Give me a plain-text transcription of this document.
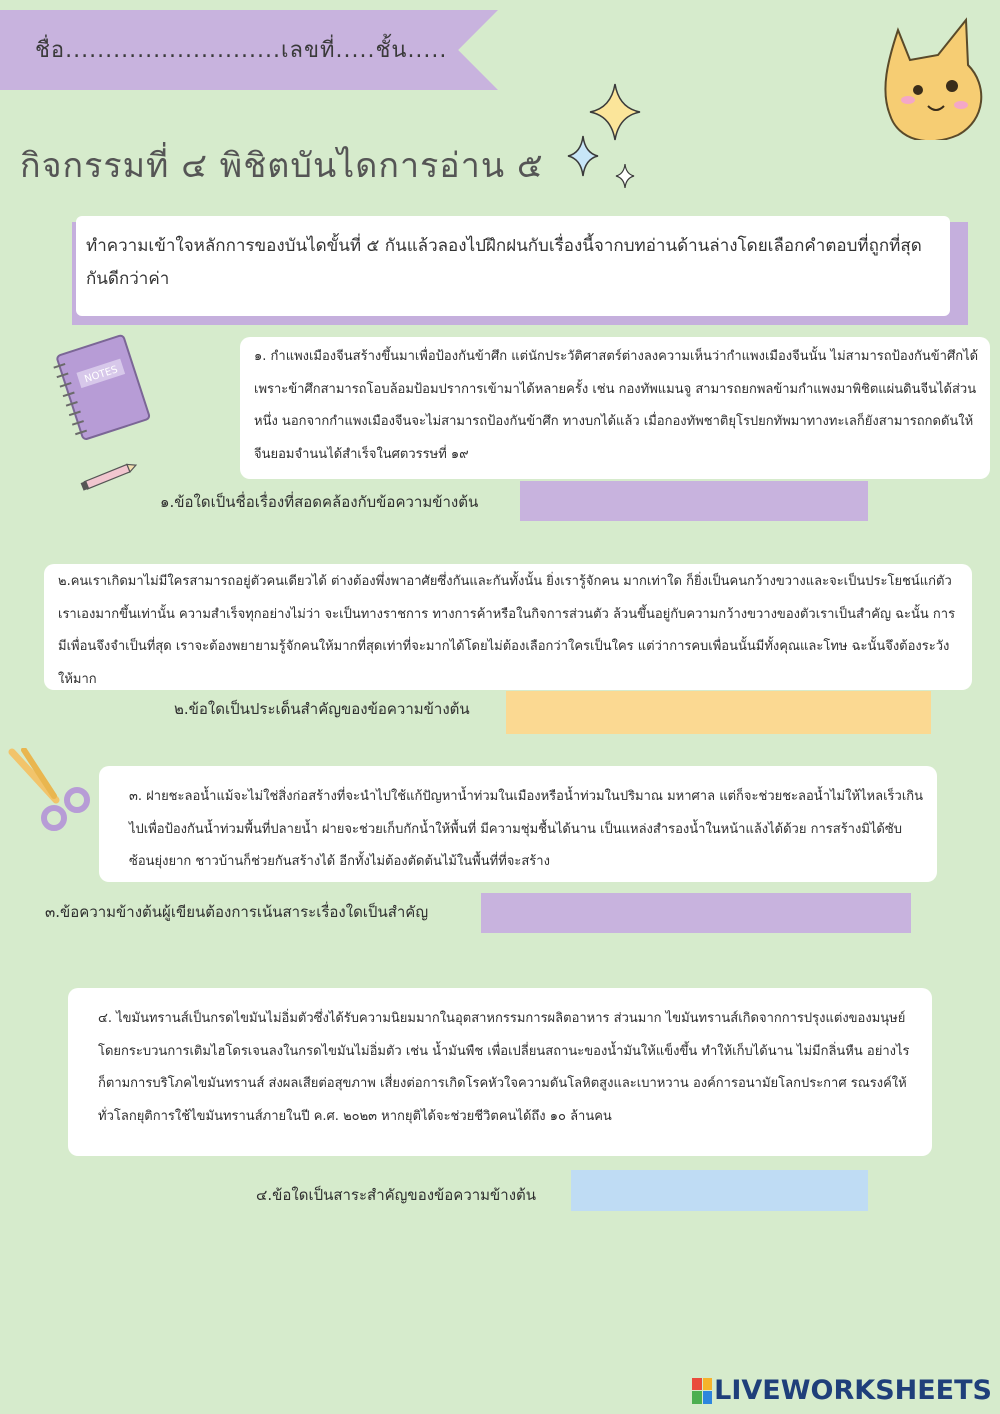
ชื่อ...........................เลขที่.....ชั้น.....
กิจกรรมที่ ๔ พิชิตบันไดการอ่าน ๕
ทำความเข้าใจหลักการของบันไดขั้นที่ ๕ กันแล้วลองไปฝึกฝนกับเรื่องนี้จากบทอ่านด้านล่างโดยเลือกคำตอบที่ถูกที่สุดกันดีกว่าค่า
NOTES
๑. กำแพงเมืองจีนสร้างขึ้นมาเพื่อป้องกันข้าศึก แต่นักประวัติศาสตร์ต่างลงความเห็นว่ากำแพงเมืองจีนนั้น ไม่สามารถป้องกันข้าศึกได้ เพราะข้าศึกสามารถโอบล้อมป้อมปราการเข้ามาได้หลายครั้ง เช่น กองทัพแมนจู สามารถยกพลข้ามกำแพงมาพิชิตแผ่นดินจีนได้ส่วนหนึ่ง นอกจากกำแพงเมืองจีนจะไม่สามารถป้องกันข้าศึก ทางบกได้แล้ว เมื่อกองทัพชาติยุโรปยกทัพมาทางทะเลก็ยังสามารถกดดันให้จีนยอมจำนนได้สำเร็จในศตวรรษที่ ๑๙
๒.คนเราเกิดมาไม่มีใครสามารถอยู่ตัวคนเดียวได้ ต่างต้องพึ่งพาอาศัยซึ่งกันและกันทั้งนั้น ยิ่งเรารู้จักคน มากเท่าใด ก็ยิ่งเป็นคนกว้างขวางและจะเป็นประโยชน์แก่ตัวเราเองมากขึ้นเท่านั้น ความสำเร็จทุกอย่างไม่ว่า จะเป็นทางราชการ ทางการค้าหรือในกิจการส่วนตัว ล้วนขึ้นอยู่กับความกว้างขวางของตัวเราเป็นสำคัญ ฉะนั้น การมีเพื่อนจึงจำเป็นที่สุด เราจะต้องพยายามรู้จักคนให้มากที่สุดเท่าที่จะมากได้โดยไม่ต้องเลือกว่าใครเป็นใคร แต่ว่าการคบเพื่อนนั้นมีทั้งคุณและโทษ ฉะนั้นจึงต้องระวังให้มาก
๓. ฝายชะลอน้ำแม้จะไม่ใช่สิ่งก่อสร้างที่จะนำไปใช้แก้ปัญหาน้ำท่วมในเมืองหรือน้ำท่วมในปริมาณ มหาศาล แต่ก็จะช่วยชะลอน้ำไม่ให้ไหลเร็วเกินไปเพื่อป้องกันน้ำท่วมพื้นที่ปลายน้ำ ฝายจะช่วยเก็บกักน้ำให้พื้นที่ มีความชุ่มชื้นได้นาน เป็นแหล่งสำรองน้ำในหน้าแล้งได้ด้วย การสร้างมิได้ซับซ้อนยุ่งยาก ชาวบ้านก็ช่วยกันสร้างได้ อีกทั้งไม่ต้องตัดต้นไม้ในพื้นที่ที่จะสร้าง
๔. ไขมันทรานส์เป็นกรดไขมันไม่อิ่มตัวซึ่งได้รับความนิยมมากในอุตสาหกรรมการผลิตอาหาร ส่วนมาก ไขมันทรานส์เกิดจากการปรุงแต่งของมนุษย์ โดยกระบวนการเติมไฮโดรเจนลงในกรดไขมันไม่อิ่มตัว เช่น น้ำมันพืช เพื่อเปลี่ยนสถานะของน้ำมันให้แข็งขึ้น ทำให้เก็บได้นาน ไม่มีกลิ่นหืน อย่างไรก็ตามการบริโภคไขมันทรานส์ ส่งผลเสียต่อสุขภาพ เสี่ยงต่อการเกิดโรคหัวใจความดันโลหิตสูงและเบาหวาน องค์การอนามัยโลกประกาศ รณรงค์ให้ทั่วโลกยุติการใช้ไขมันทรานส์ภายในปี ค.ศ. ๒๐๒๓ หากยุติได้จะช่วยชีวิตคนได้ถึง ๑๐ ล้านคน
๑.ข้อใดเป็นชื่อเรื่องที่สอดคล้องกับข้อความข้างต้น
๒.ข้อใดเป็นประเด็นสำคัญของข้อความข้างต้น
๓.ข้อความข้างต้นผู้เขียนต้องการเน้นสาระเรื่องใดเป็นสำคัญ
๔.ข้อใดเป็นสาระสำคัญของข้อความข้างต้น
LIVEWORKSHEETS
